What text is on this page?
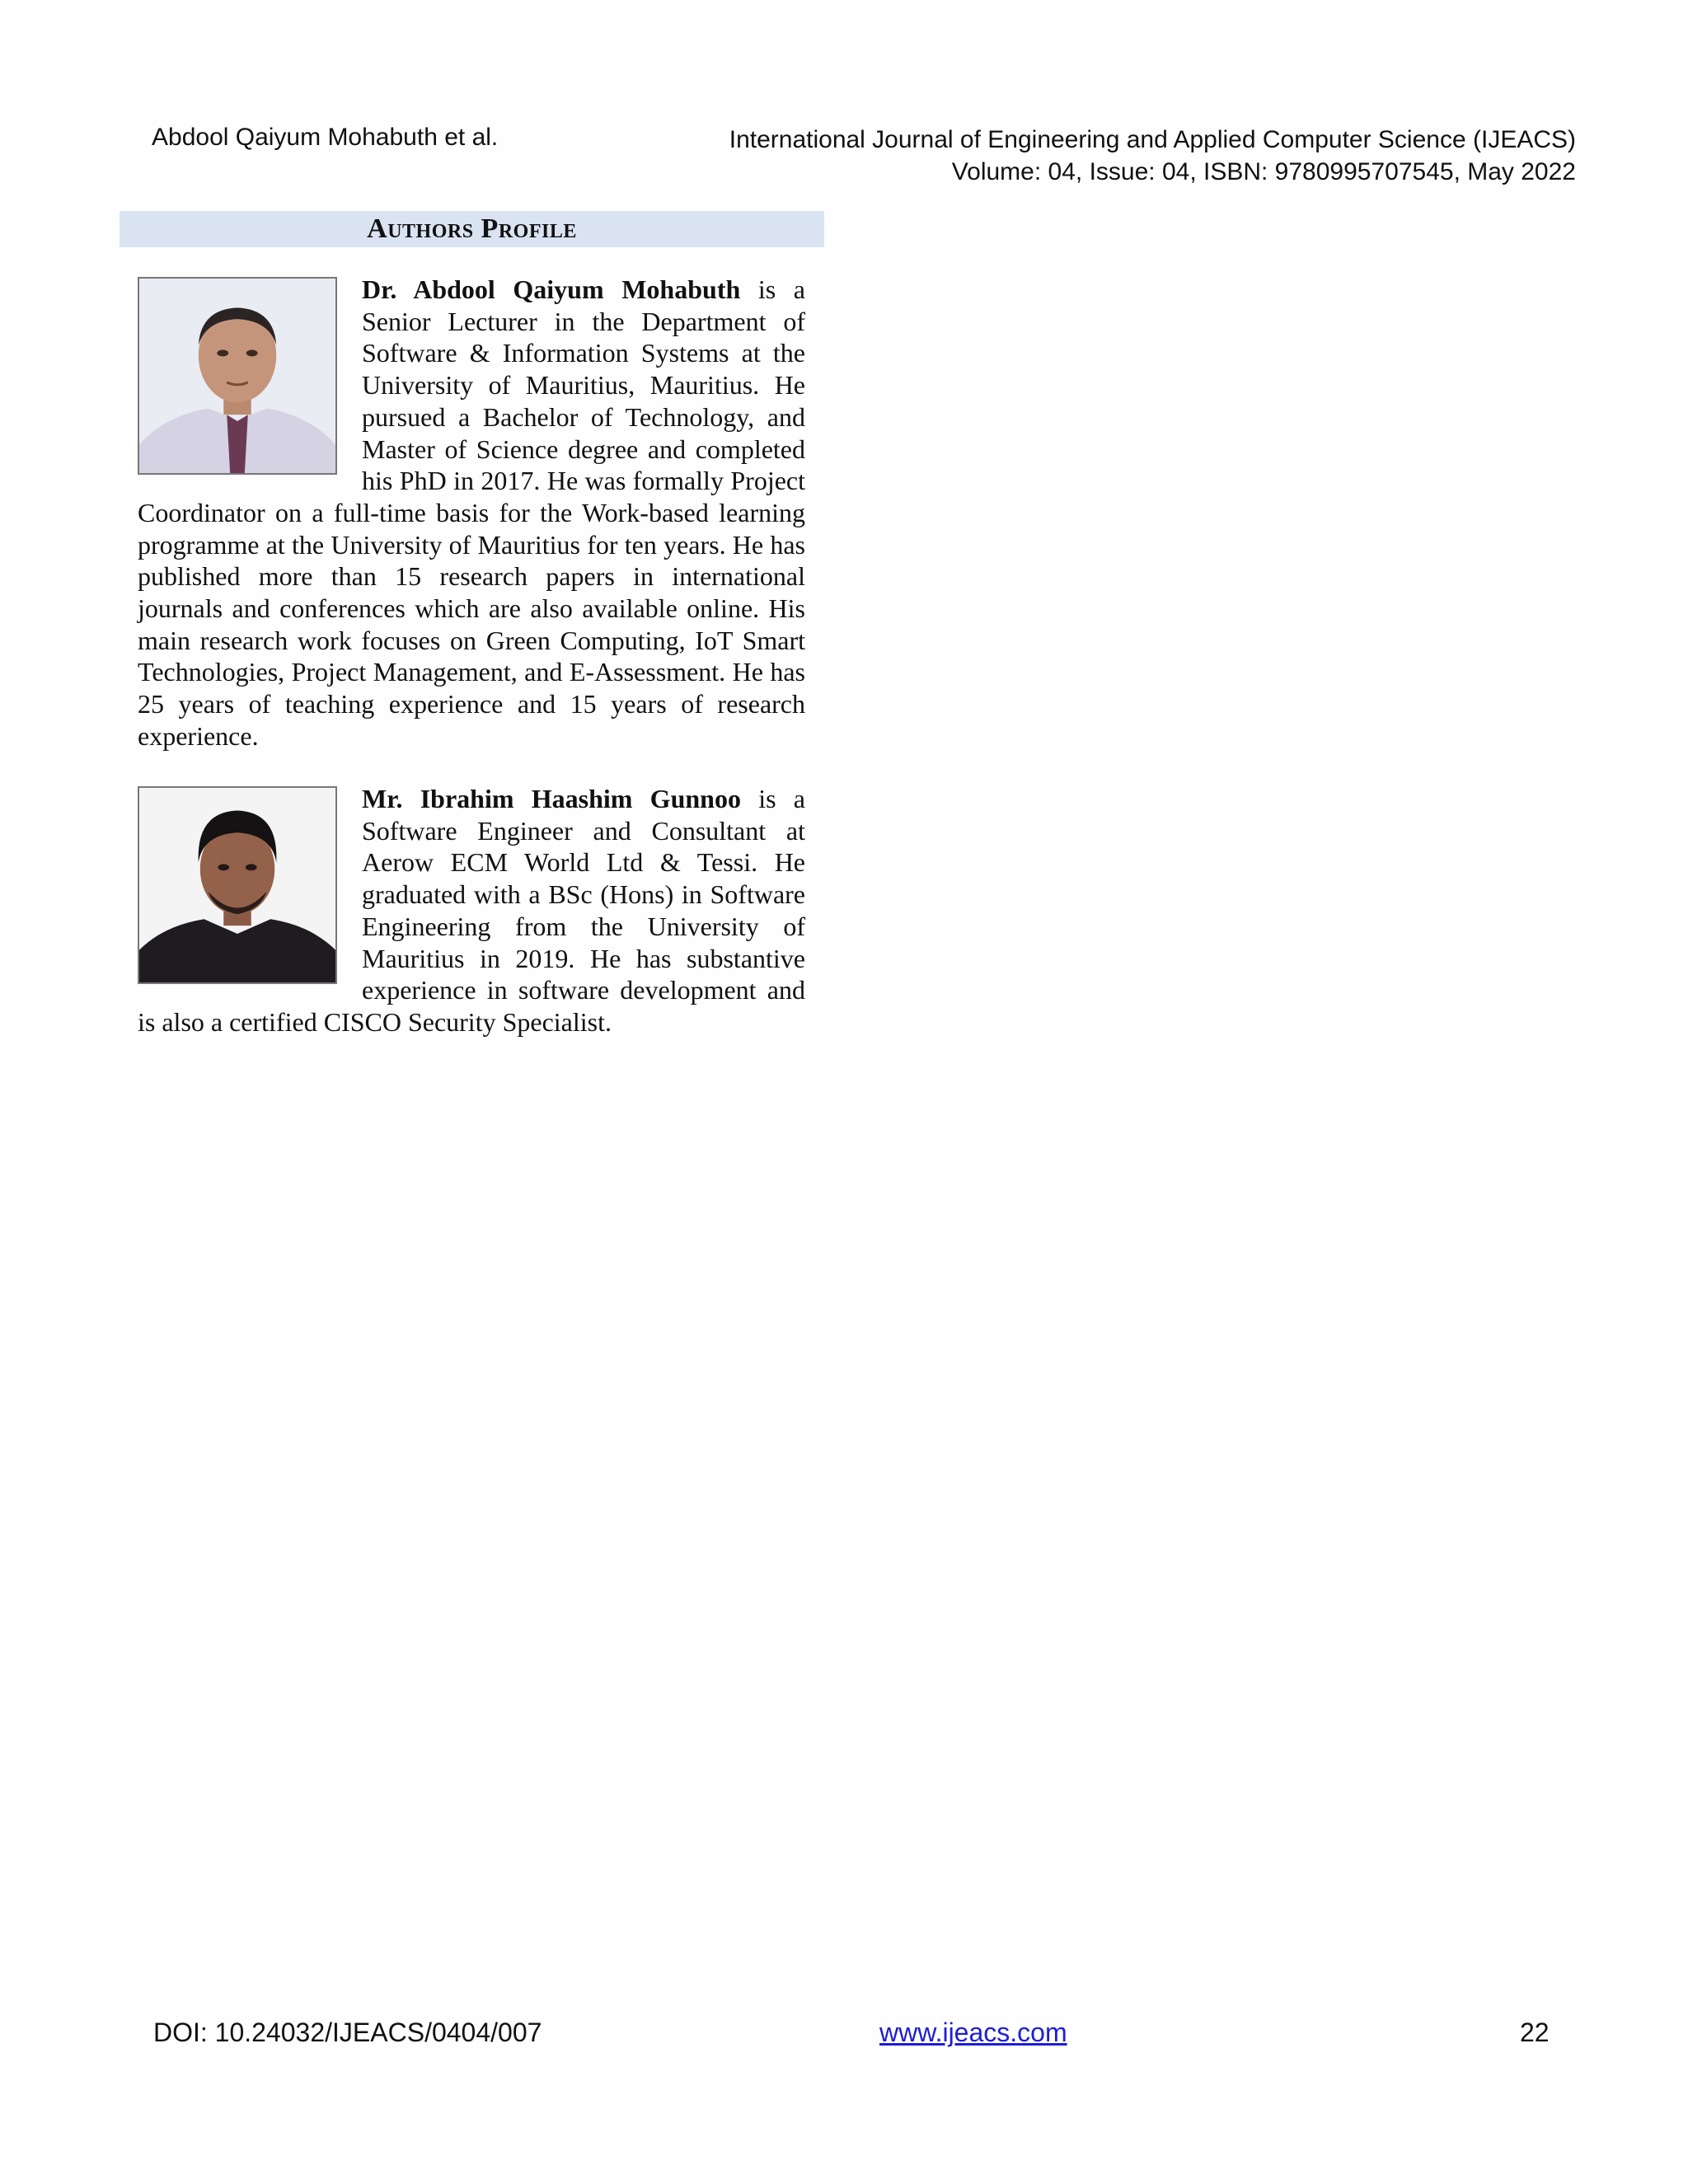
Abdool Qaiyum Mohabuth et al.	International Journal of Engineering and Applied Computer Science (IJEACS)
Volume: 04, Issue: 04, ISBN: 9780995707545, May 2022
Authors Profile
Dr. Abdool Qaiyum Mohabuth is a Senior Lecturer in the Department of Software & Information Systems at the University of Mauritius, Mauritius. He pursued a Bachelor of Technology, and Master of Science degree and completed his PhD in 2017. He was formally Project Coordinator on a full-time basis for the Work-based learning programme at the University of Mauritius for ten years. He has published more than 15 research papers in international journals and conferences which are also available online. His main research work focuses on Green Computing, IoT Smart Technologies, Project Management, and E-Assessment. He has 25 years of teaching experience and 15 years of research experience.
Mr. Ibrahim Haashim Gunnoo is a Software Engineer and Consultant at Aerow ECM World Ltd & Tessi. He graduated with a BSc (Hons) in Software Engineering from the University of Mauritius in 2019. He has substantive experience in software development and is also a certified CISCO Security Specialist.
DOI: 10.24032/IJEACS/0404/007	www.ijeacs.com	22
